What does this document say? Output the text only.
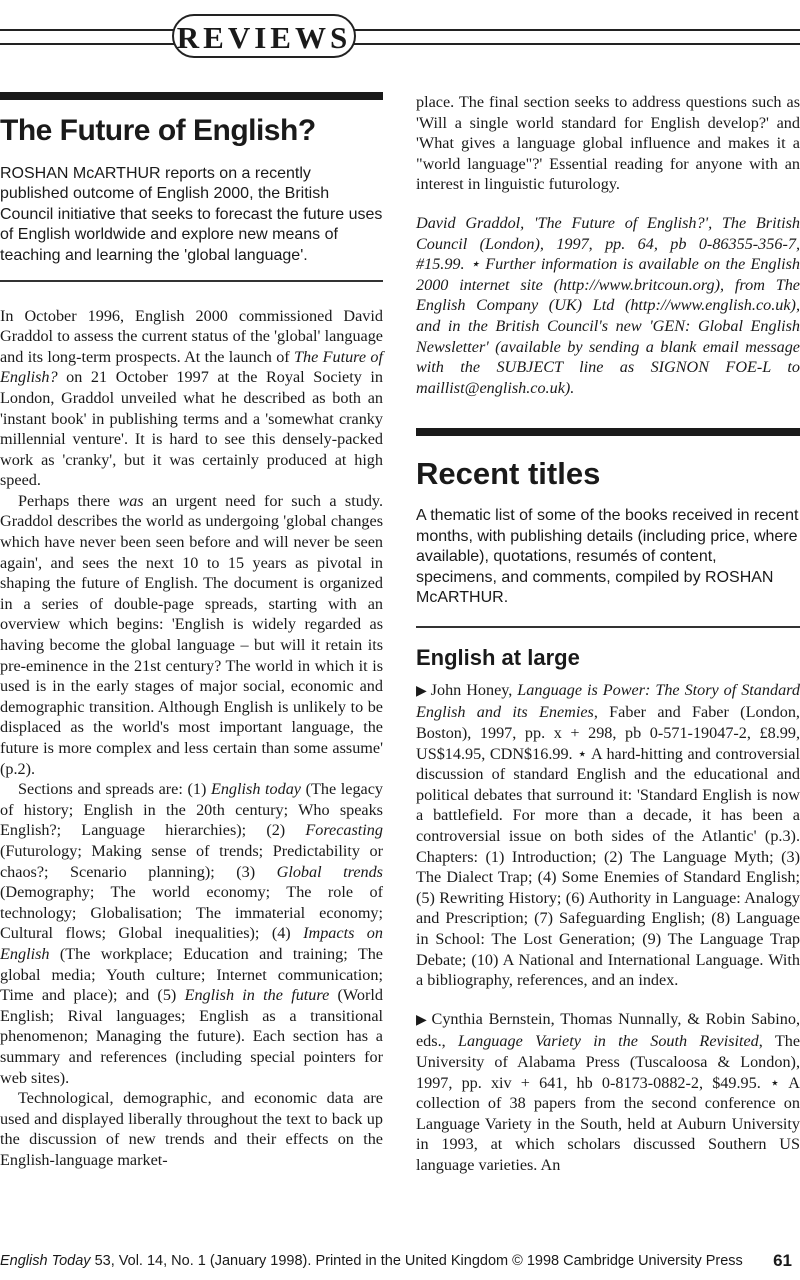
REVIEWS
The Future of English?

ROSHAN McARTHUR reports on a recently published outcome of English 2000, the British Council initiative that seeks to forecast the future uses of English worldwide and explore new means of teaching and learning the 'global language'.

In October 1996, English 2000 commissioned David Graddol to assess the current status of the 'global' language and its long-term prospects. At the launch of The Future of English? on 21 October 1997 at the Royal Society in London, Graddol unveiled what he described as both an 'instant book' in publishing terms and a 'somewhat cranky millennial venture'. It is hard to see this densely-packed work as 'cranky', but it was certainly produced at high speed.

Perhaps there was an urgent need for such a study. Graddol describes the world as undergoing 'global changes which have never been seen before and will never be seen again', and sees the next 10 to 15 years as pivotal in shaping the future of English. The document is organized in a series of double-page spreads, starting with an overview which begins: 'English is widely regarded as having become the global language – but will it retain its pre-eminence in the 21st century? The world in which it is used is in the early stages of major social, economic and demographic transition. Although English is unlikely to be displaced as the world's most important language, the future is more complex and less certain than some assume' (p.2).

Sections and spreads are: (1) English today (The legacy of history; English in the 20th century; Who speaks English?; Language hierarchies); (2) Forecasting (Futurology; Making sense of trends; Predictability or chaos?; Scenario planning); (3) Global trends (Demography; The world economy; The role of technology; Globalisation; The immaterial economy; Cultural flows; Global inequalities); (4) Impacts on English (The workplace; Education and training; The global media; Youth culture; Internet communication; Time and place); and (5) English in the future (World English; Rival languages; English as a transitional phenomenon; Managing the future). Each section has a summary and references (including special pointers for web sites).

Technological, demographic, and economic data are used and displayed liberally throughout the text to back up the discussion of new trends and their effects on the English-language market-

place. The final section seeks to address questions such as 'Will a single world standard for English develop?' and 'What gives a language global influence and makes it a "world language"?' Essential reading for anyone with an interest in linguistic futurology.

David Graddol, 'The Future of English?', The British Council (London), 1997, pp. 64, pb 0-86355-356-7, #15.99. ⋆ Further information is available on the English 2000 internet site (http://www.britcoun.org), from The English Company (UK) Ltd (http://www.english.co.uk), and in the British Council's new 'GEN: Global English Newsletter' (available by sending a blank email message with the SUBJECT line as SIGNON FOE-L to maillist@english.co.uk).

Recent titles

A thematic list of some of the books received in recent months, with publishing details (including price, where available), quotations, resumés of content, specimens, and comments, compiled by ROSHAN McARTHUR.

English at large

▶ John Honey, Language is Power: The Story of Standard English and its Enemies, Faber and Faber (London, Boston), 1997, pp. x + 298, pb 0-571-19047-2, £8.99, US$14.95, CDN$16.99. ⋆ A hard-hitting and controversial discussion of standard English and the educational and political debates that surround it: 'Standard English is now a battlefield. For more than a decade, it has been a controversial issue on both sides of the Atlantic' (p.3). Chapters: (1) Introduction; (2) The Language Myth; (3) The Dialect Trap; (4) Some Enemies of Standard English; (5) Rewriting History; (6) Authority in Language: Analogy and Prescription; (7) Safeguarding English; (8) Language in School: The Lost Generation; (9) The Language Trap Debate; (10) A National and International Language. With a bibliography, references, and an index.

▶ Cynthia Bernstein, Thomas Nunnally, & Robin Sabino, eds., Language Variety in the South Revisited, The University of Alabama Press (Tuscaloosa & London), 1997, pp. xiv + 641, hb 0-8173-0882-2, $49.95. ⋆ A collection of 38 papers from the second conference on Language Variety in the South, held at Auburn University in 1993, at which scholars discussed Southern US language varieties. An

English Today 53, Vol. 14, No. 1 (January 1998). Printed in the United Kingdom © 1998 Cambridge University Press 61
